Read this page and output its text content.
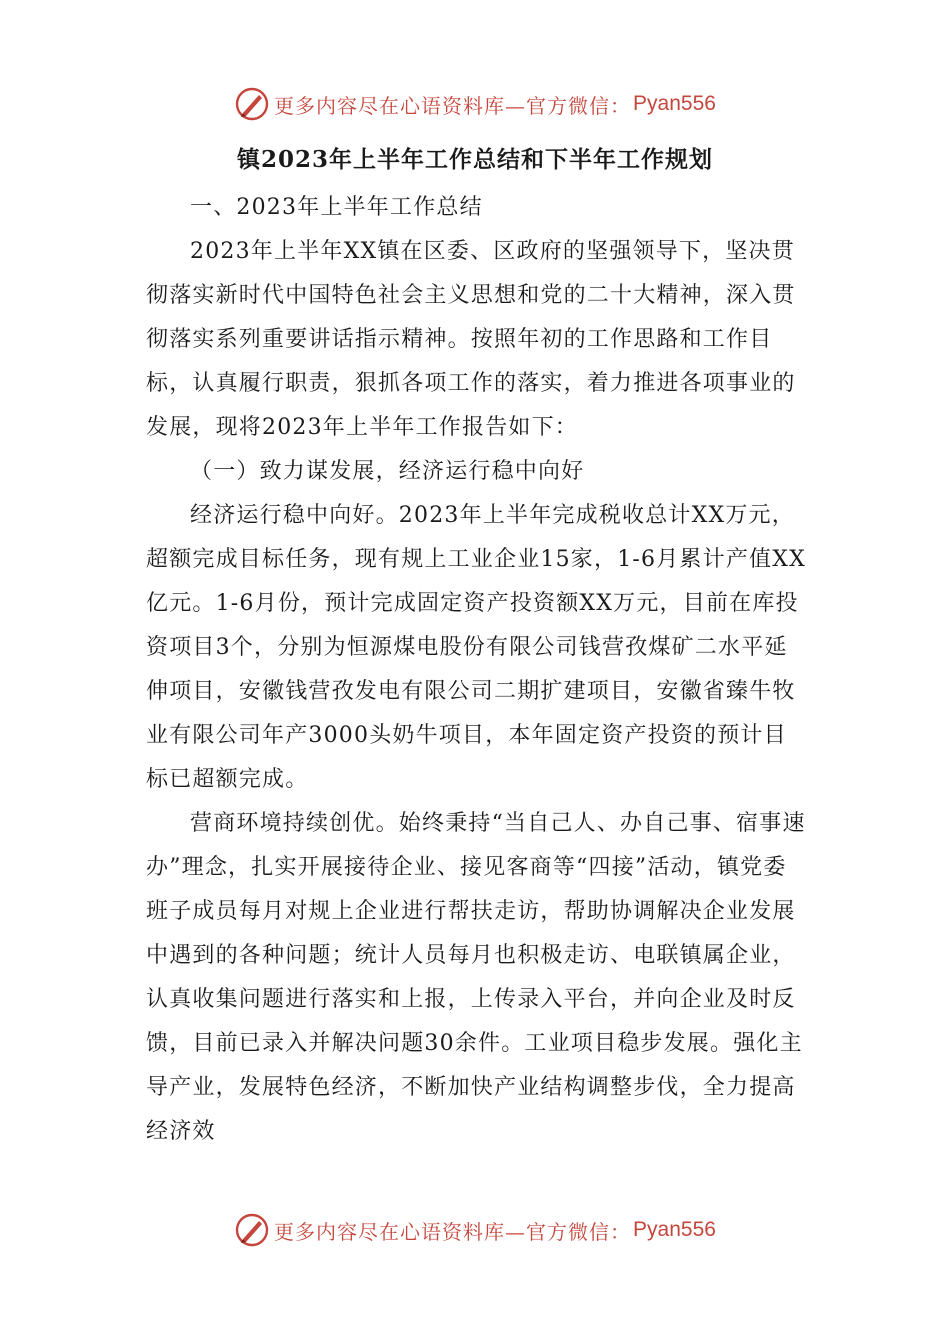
更多内容尽在心语资料库—官方微信： Pyan556
镇2023年上半年工作总结和下半年工作规划

一、2023年上半年工作总结

2023年上半年XX镇在区委、区政府的坚强领导下，坚决贯彻落实新时代中国特色社会主义思想和党的二十大精神，深入贯彻落实系列重要讲话指示精神。按照年初的工作思路和工作目标，认真履行职责，狠抓各项工作的落实，着力推进各项事业的发展，现将2023年上半年工作报告如下：

（一）致力谋发展，经济运行稳中向好

经济运行稳中向好。2023年上半年完成税收总计XX万元，超额完成目标任务，现有规上工业企业15家，1-6月累计产值XX亿元。1-6月份，预计完成固定资产投资额XX万元，目前在库投资项目3个，分别为恒源煤电股份有限公司钱营孜煤矿二水平延伸项目，安徽钱营孜发电有限公司二期扩建项目，安徽省臻牛牧业有限公司年产3000头奶牛项目，本年固定资产投资的预计目标已超额完成。

营商环境持续创优。始终秉持“当自己人、办自己事、宿事速办”理念，扎实开展接待企业、接见客商等“四接”活动，镇党委班子成员每月对规上企业进行帮扶走访，帮助协调解决企业发展中遇到的各种问题；统计人员每月也积极走访、电联镇属企业，认真收集问题进行落实和上报，上传录入平台，并向企业及时反馈，目前已录入并解决问题30余件。工业项目稳步发展。强化主导产业，发展特色经济，不断加快产业结构调整步伐，全力提高经济效

更多内容尽在心语资料库—官方微信： Pyan556
